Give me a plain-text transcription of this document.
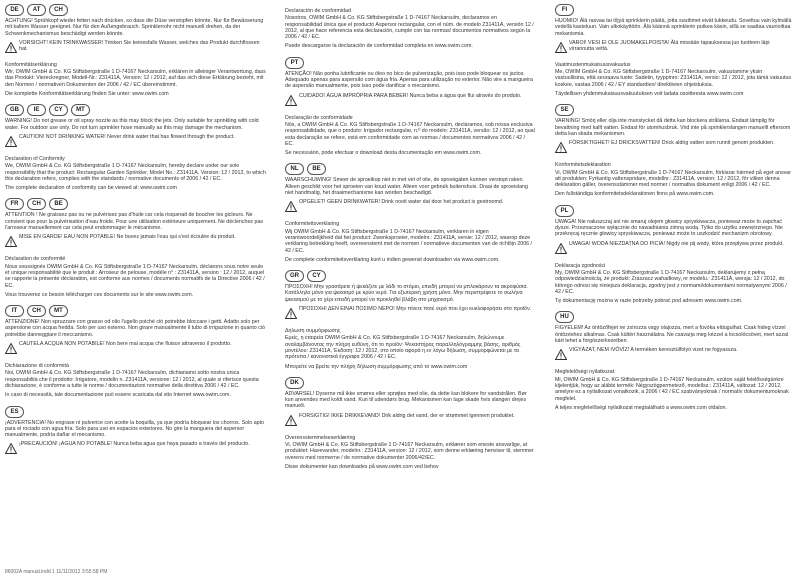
DE	AT	CH

ACHTUNG! Sprühkopf wieder fetten nach drücken, so dass die Düse verstopfen könnte. Nur für Bewässerung mit kaltem Wasser geeignet. Nur für den Außengebrauch. Sprinklerrohr nicht manuell drehen, da der Schwenkmechanismus beschädigt werden könnte.

VORSICHT! KEIN TRINKWASSER! Trinken Sie keinesfalls Wasser, welches das Produkt durchflossen hat.

Konformitätserklärung

Wir, OWIM GmbH & Co. KG Stiftsbergstraße 1 D-74167 Neckarsulm, erklären in alleiniger Verantwortung, dass das Produkt: Viereckregner, Modell-Nr.: Z31411A, Version: 12 / 2012, auf das sich diese Erklärung bezieht, mit den Normen / normativen Dokumenten der 2006 / 42 / EC übereinstimmt.

Die komplette Konformitätserklärung finden Sie unter: www.owim.com

GB	IE	CY	MT

WARNING! Do not grease or oil spray nozzle as this may block the jets. Only suitable for sprinkling with cold water. For outdoor use only. Do not turn sprinkler hose manually as this may damage the mechanism.

CAUTION! NOT DRINKING WATER! Never drink water that has flowed through the product.

Declaration of Conformity

We, OWIM GmbH & Co. KG Stiftsbergstraße 1 D-74167 Neckarsulm, hereby declare under our sole responsibility that the product: Rectangular Garden Sprinkler, Model No.: Z31411A, Version: 12 / 2012, to which this declaration refers, complies with the standards / normative documents of 2006 / 42 / EC.

The complete declaration of conformity can be viewed at: www.owim.com

FR	CH	BE

ATTENTION ! Ne graissez pas ou ne pulvérisez pas d'huile car cela risquerait de boucher les gicleurs. Ne convient que pour la pulvérisation d'eau froide. Pour une utilisation extérieure uniquement. Ne déclenchez pas l'arroseur manuellement car cela peut endommager le mécanisme.

MISE EN GARDE! EAU NON POTABLE! Ne buvez jamais l'eau qui s'est écoulée du produit.

Déclaration de conformité

Nous soussignés OWIM GmbH & Co. KG Stiftsbergstraße 1 D-74167 Neckarsulm, déclarons sous notre seule et unique responsabilité que le produit : Arroseur de pelouse, modèle n° : Z31411A, version : 12 / 2012, auquel se rapporte la présente déclaration, est conforme aux normes / documents normatifs de la Directive 2006 / 42 / EC.

Vous trouverez ce besoin télécharger ces documents sur le site www.owim.com.

IT	CH	MT

ATTENZIONE! Non spruzzare con grasso od olio l'ugello poiché ciò potrebbe bloccare i getti. Adatto solo per aspersione con acqua fredda. Solo per uso esterno. Non girare manualmente il tubo di irrigazione in quanto ciò potrebbe danneggiare il meccanismo.

CAUTELA ACQUA NON POTABILE! Non bere mai acqua che fluisce attraverso il prodotto.

Dichiarazione di conformità

Noi, OWIM GmbH & Co. KG Stiftsbergstraße 1 D-74167 Neckarsulm, dichiariamo sotto nostra unica responsabilità che il prodotto: Irrigatore, modello n. Z31411A, versione: 12 / 2012, al quale si riferisce questa dichiarazione, è conforme a tutte le norme / documentazioni normative della direttiva 2006 / 42 / EC.

In caso di necessità, tale documentazione può essere scaricata dal sito Internet www.owim.com.

ES

¡ADVERTENCIA! No engrase ni pulverice con aceite la boquilla, ya que podría bloquear los chorros. Solo apto para el rociado con agua fría. Solo para uso en espacios exteriores. No gire la manguera del aspersor manualmente, podría dañar el mecanismo.

¡PRECAUCIÓN! ¡AGUA NO POTABLE! Nunca beba agua que haya pasado a través del producto.

Declaración de conformidad

Nosotros, OWIM GmbH & Co. KG Stiftsbergstraße 1 D-74167 Neckarsulm, declaramos en responsabilidad única que el producto Aspersor rectangular, con el núm. de modelo Z31411A, versión 12 / 2012, al que hace referencia esta declaración, cumple con las normas/ documentos normativos según la 2006 / 42 / EC.

Puede descargarse la declaración de conformidad completa en www.owim.com.

PT

ATENÇÃO! Não ponha lubrificante ou óleo no bico de pulverização, pois isso pode bloquear os jactos. Adequado apenas para aspersão com água fria. Apenas para utilização no exterior. Não vire a mangueira de aspersão manualmente, pois isso pode danificar o mecanismo.

CUIDADO! ÁGUA IMPRÓPRIA PARA BEBER! Nunca beba a água que flui através do produto.

Declaração de conformidade

Nós, a OWIM GmbH & Co. KG Stiftsbergstraße 1 D-74167 Neckarsulm, declaramos, sob nossa exclusiva responsabilidade, que o produto: Irrigador rectangular, n.º do modelo: Z31411A, versão: 12 / 2012, ao qual esta declaração se refere, está em conformidade com as normas / documentos normativos 2006 / 42 / EC.

Se necessário, pode efectuar o download desta documentação em www.owim.com.

NL	BE

WAARSCHUWING! Smeer de sproeikop niet in met vet of olie, de sproeigaten kunnen verstopt raken. Alleen geschikt voor het sproeien van koud water. Alleen voor gebruik buitenshuis. Draai de sproeislang niet handmatig, het draaimechanisme kan worden beschadigd.

OPGELET! GEEN DRINKWATER! Drink nooit water dat door het product is gestroomd.

Conformiteitsverklaring

Wij OWIM GmbH & Co. KG Stiftsbergstraße 1 D-74167 Neckarsulm, verklaren in eigen verantwoordelijkheid dat het product: Zwenksproeier, modelnr.: Z31411A, versie: 12 / 2012, waarop deze verklaring betrekking heeft, overeenstemt met de normen / normatieve documenten van de richtlijn 2006 / 42 / EC.

De complete conformiteitsverklaring kunt u indien gewenst downloaden via www.owim.com.

GR	CY

ΠΡΟΣΟΧΗ! Μην γρασάρετε ή ψεκάζετε με λάδι το στόμιο, επειδή μπορεί να μπλοκάρουν τα ακροφύσια. Κατάλληλο μόνο για ψεκασμό με κρύο νερό. Για εξωτερική χρήση μόνο. Μην περιστρέφετε το σωλήνα ψεκασμού με το χέρι επειδή μπορεί να προκληθεί βλάβη στο μηχανισμό.

ΠΡΟΣΟΧΗ! ΔΕΝ ΕΙΝΑΙ ΠΟΣΙΜΟ ΝΕΡΟ! Μην πίνετε ποτέ νερό που έχει κυκλοφορήσει στο προϊόν.

Δήλωση συμμόρφωσης

Εμείς, η εταιρεία OWIM GmbH & Co. KG Stiftsbergstraße 1 D-74167 Neckarsulm, δηλώνουμε αναλαμβάνοντας την πλήρη ευθύνη, ότι το προϊόν: Ψεκαστήρας παραλληλόγραμμης βάσης, αριθμός μοντέλου: Z31411A, Έκδοση: 12 / 2012, στο οποίο αφορά η εν λόγω δήλωση, συμμορφώνεται με τα πρότυπα / κανονιστικά έγγραφα 2006 / 42 / EC.

Μπορείτε να βρείτε την πλήρη δήλωση συμμόρφωσης από το www.owim.com

DK

ADVARSEL! Dyserne må ikke smøres eller sprøjtes med olie, da dette kan blokere for vandstrålen. Bør kun anvendes med koldt vand. Kun til udendørs brug. Mekanismen kan tage skade hvis slangen drejes manuelt.

FORSIGTIG! IKKE DRIKKEVAND! Drik aldrig det vand, der er strømmet igennem produktet.

Overensstemmelseserklæring

Vi, OWIM GmbH & Co. KG Stiftsbergstraße 1 D-74167 Neckarsulm, erklærer som eneste ansvarlige, at produktet: Havevander, modelnr.: Z31411A, version: 12 / 2012, som denne erklæring henviser til, stemmer overens med normerne / de normative dokumenter 2006/42/EC.

Disse dokumenter kan downloades på www.owim.com ved behov

FI

HUOMIO! Älä rasvaa tai öljyä sprinklerin päätä, jotta suuttimet eivät tukkeudu. Soveltuu vain kylmällä vedellä kasteluun. Vain ulkokäyttöön. Älä käännä sprinklerin putkea käsin, sillä se saattaa vaurioittaa mekanismia.

VAROI! VESI EI OLE JUOMAKELPOISTA! Älä missään tapauksessa juo tuotteen läpi virrannutta vettä.

Vaatimustenmukaisuusvakuutus

Me, OWIM GmbH & Co. KG Stiftsbergstraße 1 D-74167 Neckarsulm, vakuutamme yksin vastuullisina, että seuraava tuote: Sadetin, tyyppinro: Z31411A, versio: 12 / 2012, jota tämä vakuutus koskee, vastaa 2006 / 42 / EY standardien/ direktiivien ohjeistuksia.

Täydellisen yhdenmukaisuusvakuutuksen voit ladata osoitteesta www.owim.com

SE

VARNING! Smörj eller olja inte munstycket då detta kan blockera strålarna. Endast lämplig för bevattning med kallt vatten. Endast för utomhusbruk. Vrid inte på sprinklerslangen manuellt eftersom detta kan skada mekanismen.

FÖRSIKTIGHET! EJ DRICKSVATTEN! Drick aldrig vatten som runnit genom produkten.

Konformitetsdeklaration

Vi, OWIM GmbH & Co. KG Stiftsbergstraße 1 D-74167 Neckarsulm, förklarar härmed på eget ansvar att produkten: Fyrkantig vattenspridare, modellnr.: Z31411A, version: 12 / 2012, för vilken denna deklaration gäller, överensstämmer med normer / normativa dokument enligt 2006 / 42 / EC.

Den fullständiga konformitetsdeklarationen finns på www.owim.com.

PL

UWAGA! Nie nałuszczaj ani nie smaruj olejem głowicy spryskiwacza, ponieważ może to zapchać dysze. Przeznaczone wyłącznie do nawadniania zimną wodą. Tylko do użytku zewnętrznego. Nie przekręcaj ręcznie głowicy spryskiwacza, ponieważ może to uszkodzić mechanizm obrotowy.

UWAGA! WODA NIEZDATNA DO PICIA! Nigdy nie pij wody, która przepływa przez produkt.

Deklaracja zgodności

My, OWIM GmbH & Co. KG Stiftsbergstraße 1 D-74167 Neckarsulm, deklarujemy z pełną odpowiedzialnością, że produkt: Zraszacz wahadłowy, nr modelu.: Z31411A, wersja: 12 / 2012, do którego odnosi się niniejsza deklaracja, zgodny jest z normami/dokumentami normatywnymi 2006 / 42 / EC.

Tę dokumentację można w razie potrzeby pobrać pod adresem www.owim.com.

HU

FIGYELEM! Az öntözőfejet ne zsírozza vagy olajozza, mert a fúvóka eldugulhat. Csak hideg vízzel öntözéshez alkalmas. Csak kültéri használatra. Ne csavarja meg kézzel a locsolócsövet, mert azzal kárt tehet a forgószerkezetben.

VIGYÁZAT, NEM IVÓVÍZ! A terméken keresztülfolyó vizet ne fogyassza.

Megfelelőségi nyilatkozat

Mi, OWIM GmbH & Co. KG Stiftsbergstraße 1 D-74167 Neckarsulm, ezúton saját felelősségünkre kijelentjük, hogy az alábbi termék: Négyszögpermetező, modellsz.: Z31411A, változat: 12 / 2012, amelyre ez a nyilatkozat vonatkozik, a 2006 / 42 / EC szabványoknak / normatív dokumentumoknak megfelel.

A teljes megfelelőségi nyilatkozat megtalálható a www.owim.com oldalon.

86002A manual.indd 1 11/11/2012 3:55:58 PM
